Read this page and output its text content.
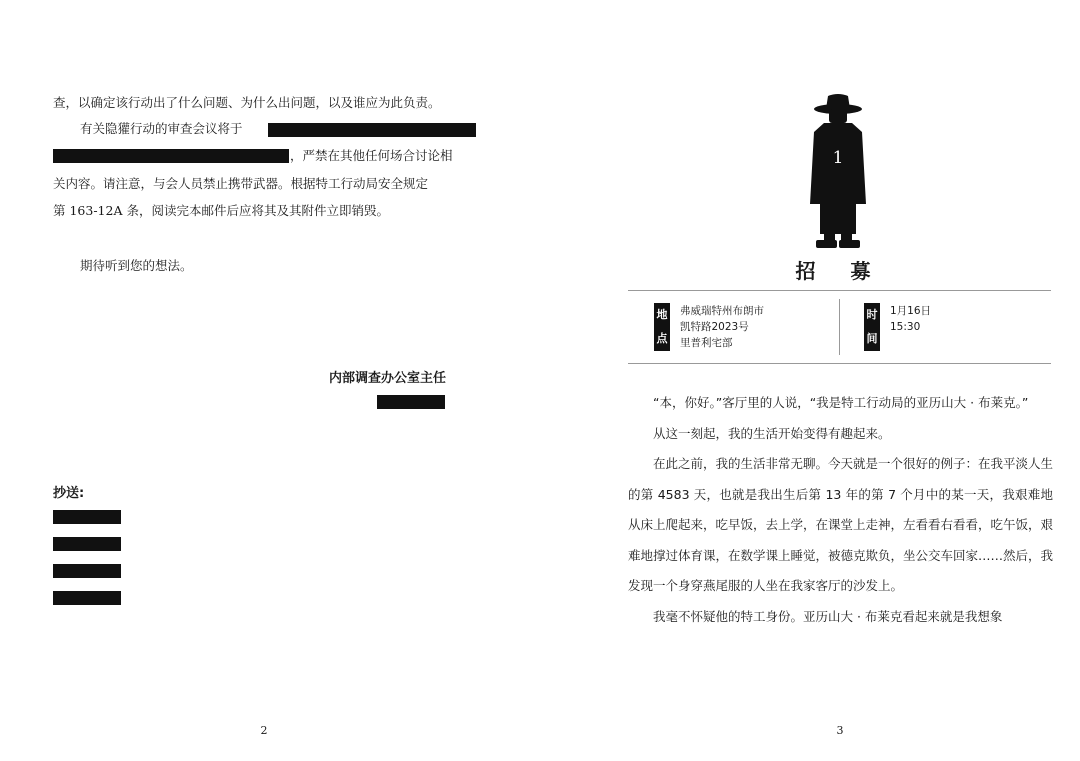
查，以确定该行动出了什么问题、为什么出问题，以及谁应为此负责。
有关隐獾行动的审查会议将于
，严禁在其他任何场合讨论相
关内容。请注意，与会人员禁止携带武器。根据特工行动局安全规定
第 163-12A 条，阅读完本邮件后应将其及其附件立即销毁。
期待听到您的想法。
内部调查办公室主任
抄送:
2
1
招 募
地
点
弗威瑞特州布朗市
凯特路2023号
里普利宅部
时
间
1月16日
15:30

“本，你好。”客厅里的人说，“我是特工行动局的亚历山大 · 布莱克。”

从这一刻起，我的生活开始变得有趣起来。

在此之前，我的生活非常无聊。今天就是一个很好的例子：在我平淡人生的第 4583 天，也就是我出生后第 13 年的第 7 个月中的某一天，我艰难地从床上爬起来，吃早饭，去上学，在课堂上走神，左看看右看看，吃午饭，艰难地撑过体育课，在数学课上睡觉，被德克欺负，坐公交车回家……然后，我发现一个身穿燕尾服的人坐在我家客厅的沙发上。

我毫不怀疑他的特工身份。亚历山大 · 布莱克看起来就是我想象

3
